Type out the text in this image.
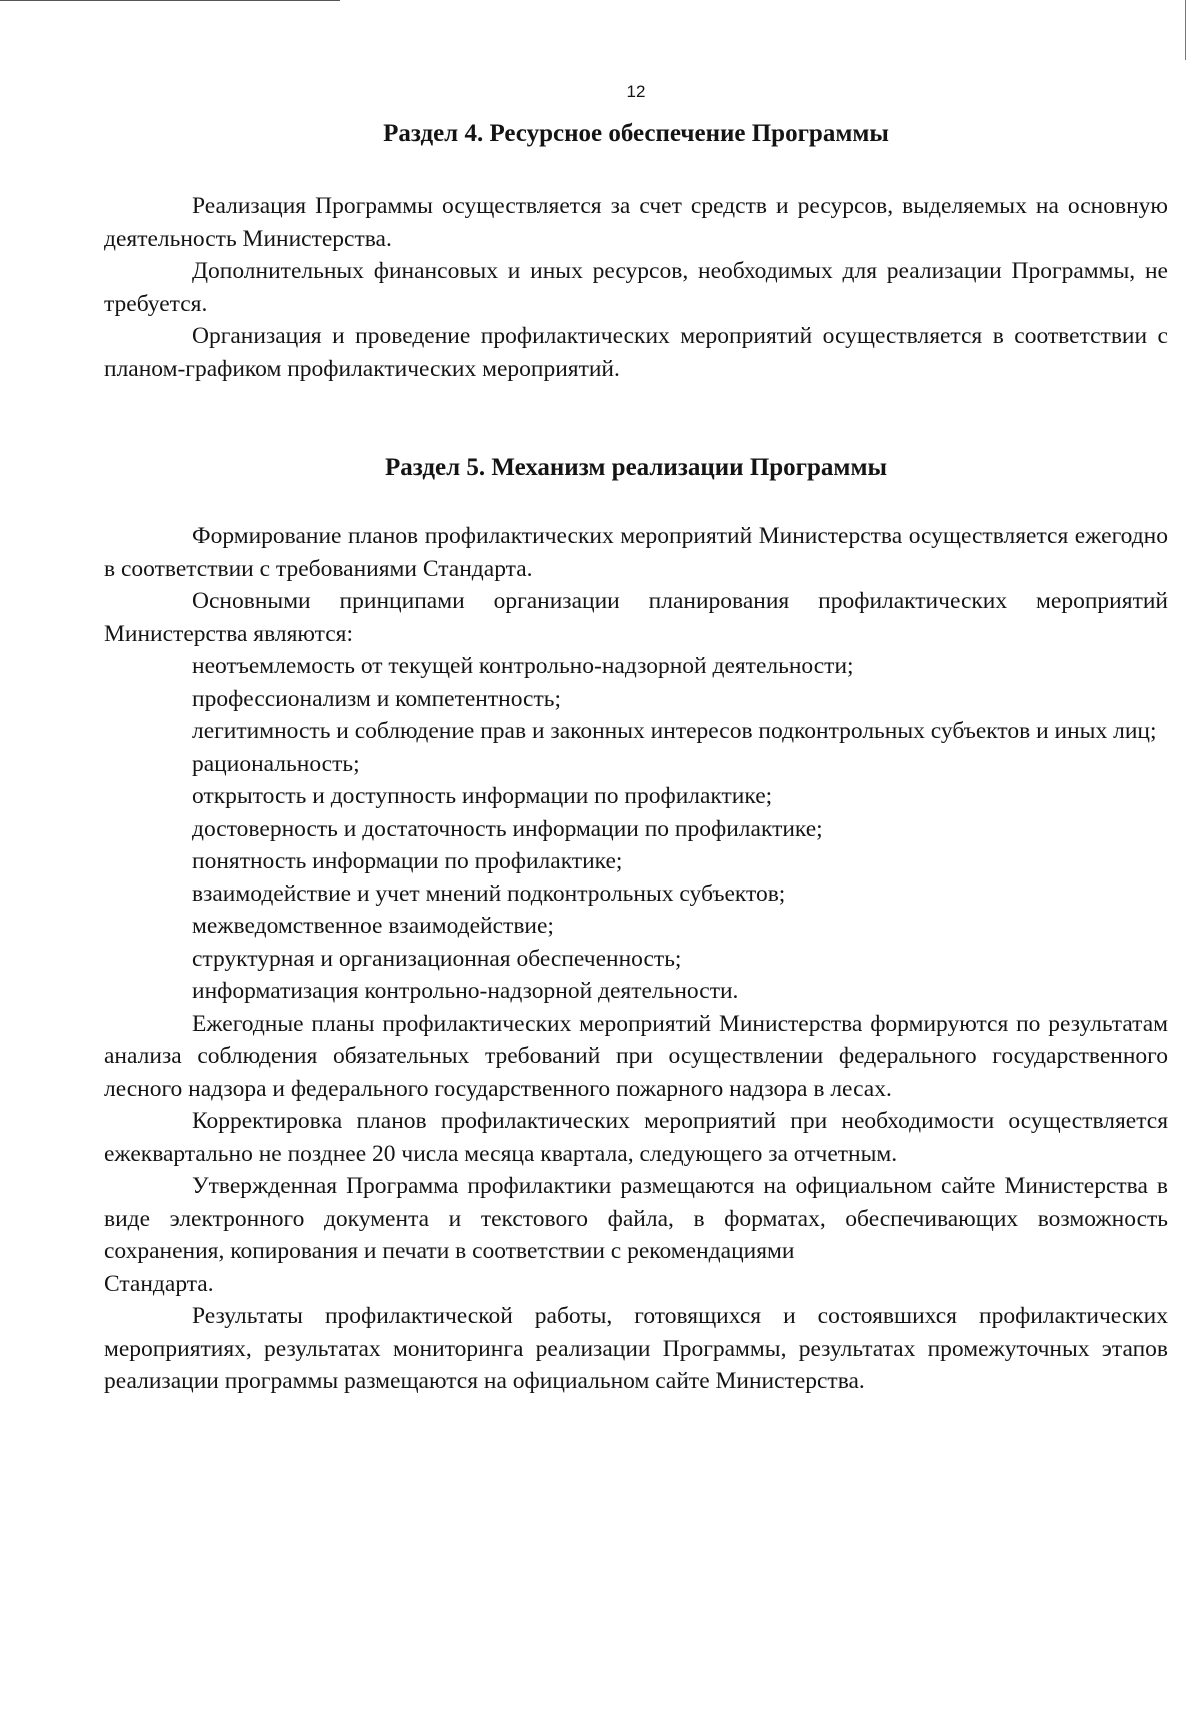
12
Раздел 4. Ресурсное обеспечение Программы

Реализация Программы осуществляется за счет средств и ресурсов, выделяемых на основную деятельность Министерства.

Дополнительных финансовых и иных ресурсов, необходимых для реализации Программы, не требуется.

Организация и проведение профилактических мероприятий осуществляется в соответствии с планом-графиком профилактических мероприятий.

Раздел 5. Механизм реализации Программы

Формирование планов профилактических мероприятий Министерства осуществляется ежегодно в соответствии с требованиями Стандарта.

Основными принципами организации планирования профилактических мероприятий Министерства являются:

неотъемлемость от текущей контрольно-надзорной деятельности;

профессионализм и компетентность;

легитимность и соблюдение прав и законных интересов подконтрольных субъектов и иных лиц;

рациональность;

открытость и доступность информации по профилактике;

достоверность и достаточность информации по профилактике;

понятность информации по профилактике;

взаимодействие и учет мнений подконтрольных субъектов;

межведомственное взаимодействие;

структурная и организационная обеспеченность;

информатизация контрольно-надзорной деятельности.

Ежегодные планы профилактических мероприятий Министерства формируются по результатам анализа соблюдения обязательных требований при осуществлении федерального государственного лесного надзора и федерального государственного пожарного надзора в лесах.

Корректировка планов профилактических мероприятий при необходимости осуществляется ежеквартально не позднее 20 числа месяца квартала, следующего за отчетным.

Утвержденная Программа профилактики размещаются на официальном сайте Министерства в виде электронного документа и текстового файла, в форматах, обеспечивающих возможность сохранения, копирования и печати в соответствии с рекомендациями

Стандарта.

Результаты профилактической работы, готовящихся и состоявшихся профилактических мероприятиях, результатах мониторинга реализации Программы, результатах промежуточных этапов реализации программы размещаются на официальном сайте Министерства.
